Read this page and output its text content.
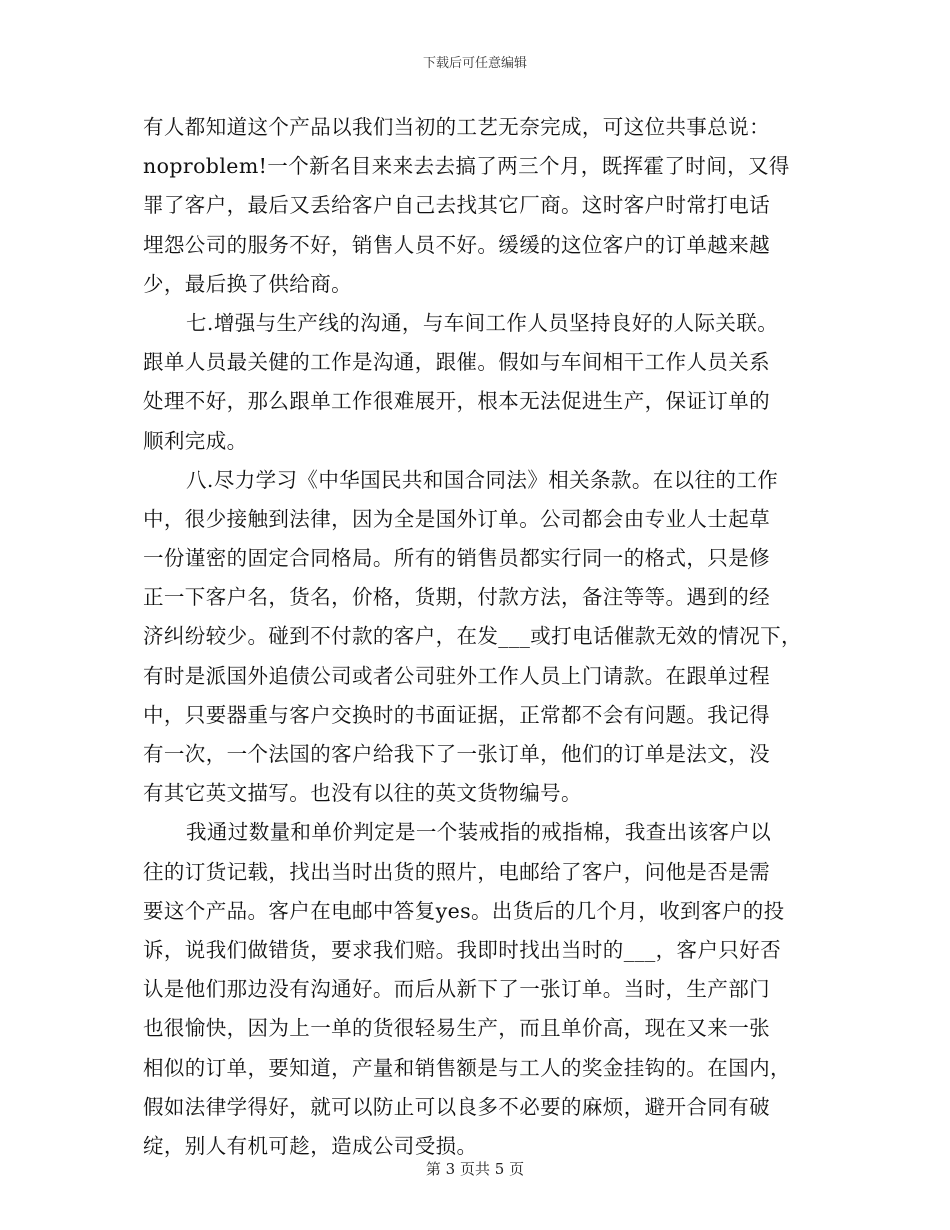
下载后可任意编辑
有人都知道这个产品以我们当初的工艺无奈完成，可这位共事总说：
noproblem!一个新名目来来去去搞了两三个月，既挥霍了时间，又得
罪了客户，最后又丢给客户自己去找其它厂商。这时客户时常打电话
埋怨公司的服务不好，销售人员不好。缓缓的这位客户的订单越来越
少，最后换了供给商。
七.增强与生产线的沟通，与车间工作人员坚持良好的人际关联。
跟单人员最关健的工作是沟通，跟催。假如与车间相干工作人员关系
处理不好，那么跟单工作很难展开，根本无法促进生产，保证订单的
顺利完成。
八.尽力学习《中华国民共和国合同法》相关条款。在以往的工作
中，很少接触到法律，因为全是国外订单。公司都会由专业人士起草
一份谨密的固定合同格局。所有的销售员都实行同一的格式，只是修
正一下客户名，货名，价格，货期，付款方法，备注等等。遇到的经
济纠纷较少。碰到不付款的客户，在发___或打电话催款无效的情况下，
有时是派国外追债公司或者公司驻外工作人员上门请款。在跟单过程
中，只要器重与客户交换时的书面证据，正常都不会有问题。我记得
有一次，一个法国的客户给我下了一张订单，他们的订单是法文，没
有其它英文描写。也没有以往的英文货物编号。
我通过数量和单价判定是一个装戒指的戒指棉，我查出该客户以
往的订货记载，找出当时出货的照片，电邮给了客户，问他是否是需
要这个产品。客户在电邮中答复yes。出货后的几个月，收到客户的投
诉，说我们做错货，要求我们赔。我即时找出当时的___，客户只好否
认是他们那边没有沟通好。而后从新下了一张订单。当时，生产部门
也很愉快，因为上一单的货很轻易生产，而且单价高，现在又来一张
相似的订单，要知道，产量和销售额是与工人的奖金挂钩的。在国内，
假如法律学得好，就可以防止可以良多不必要的麻烦，避开合同有破
绽，别人有机可趁，造成公司受损。
第 3 页共 5 页
